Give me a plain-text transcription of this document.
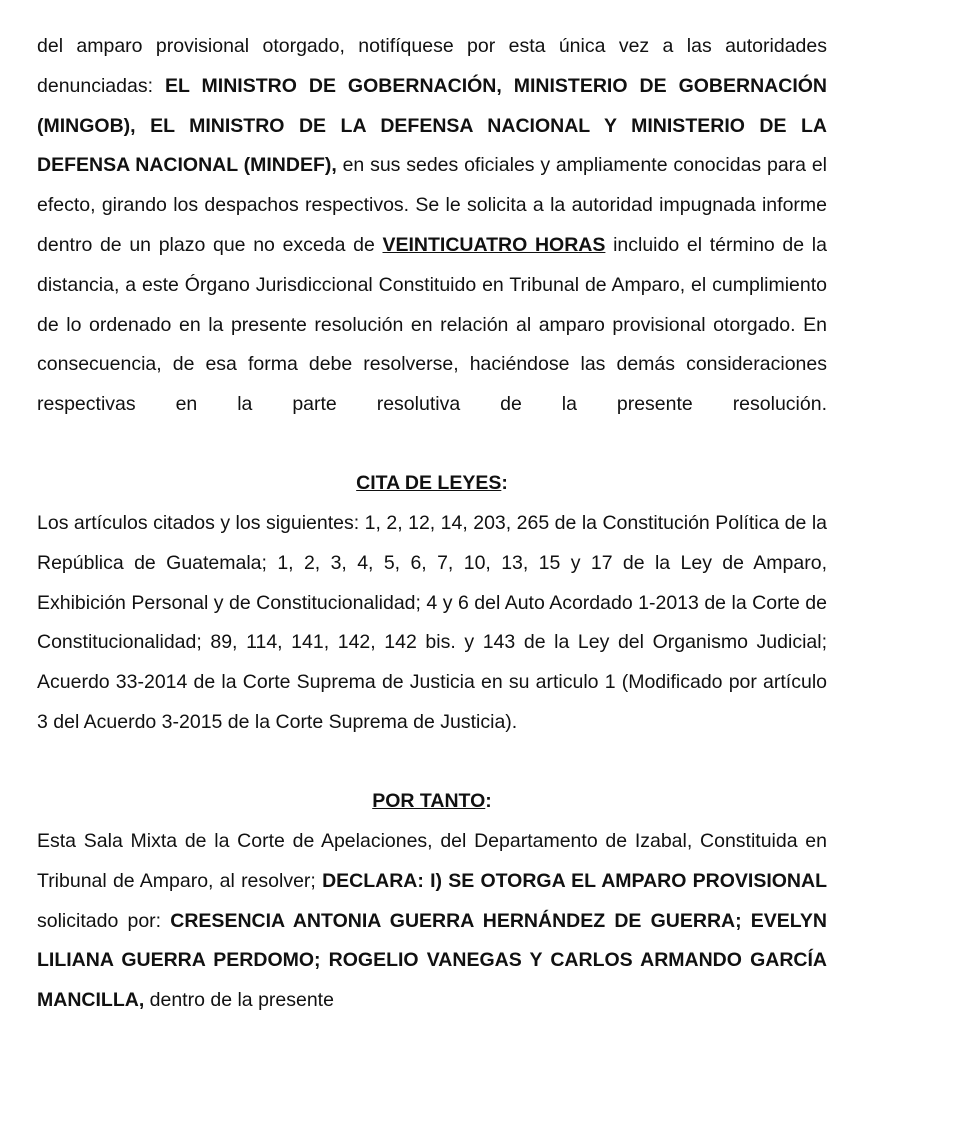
del amparo provisional otorgado, notifíquese por esta única vez a las autoridades denunciadas: EL MINISTRO DE GOBERNACIÓN, MINISTERIO DE GOBERNACIÓN (MINGOB), EL MINISTRO DE LA DEFENSA NACIONAL Y MINISTERIO DE LA DEFENSA NACIONAL (MINDEF), en sus sedes oficiales y ampliamente conocidas para el efecto, girando los despachos respectivos. Se le solicita a la autoridad impugnada informe dentro de un plazo que no exceda de VEINTICUATRO HORAS incluido el término de la distancia, a este Órgano Jurisdiccional Constituido en Tribunal de Amparo, el cumplimiento de lo ordenado en la presente resolución en relación al amparo provisional otorgado. En consecuencia, de esa forma debe resolverse, haciéndose las demás consideraciones respectivas en la parte resolutiva de la presente resolución.
CITA DE LEYES:
Los artículos citados y los siguientes: 1, 2, 12, 14, 203, 265 de la Constitución Política de la República de Guatemala; 1, 2, 3, 4, 5, 6, 7, 10, 13, 15 y 17 de la Ley de Amparo, Exhibición Personal y de Constitucionalidad; 4 y 6 del Auto Acordado 1-2013 de la Corte de Constitucionalidad; 89, 114, 141, 142, 142 bis. y 143 de la Ley del Organismo Judicial; Acuerdo 33-2014 de la Corte Suprema de Justicia en su articulo 1 (Modificado por artículo 3 del Acuerdo 3-2015 de la Corte Suprema de Justicia).
POR TANTO:
Esta Sala Mixta de la Corte de Apelaciones, del Departamento de Izabal, Constituida en Tribunal de Amparo, al resolver; DECLARA: I) SE OTORGA EL AMPARO PROVISIONAL solicitado por: CRESENCIA ANTONIA GUERRA HERNÁNDEZ DE GUERRA; EVELYN LILIANA GUERRA PERDOMO; ROGELIO VANEGAS Y CARLOS ARMANDO GARCÍA MANCILLA, dentro de la presente
